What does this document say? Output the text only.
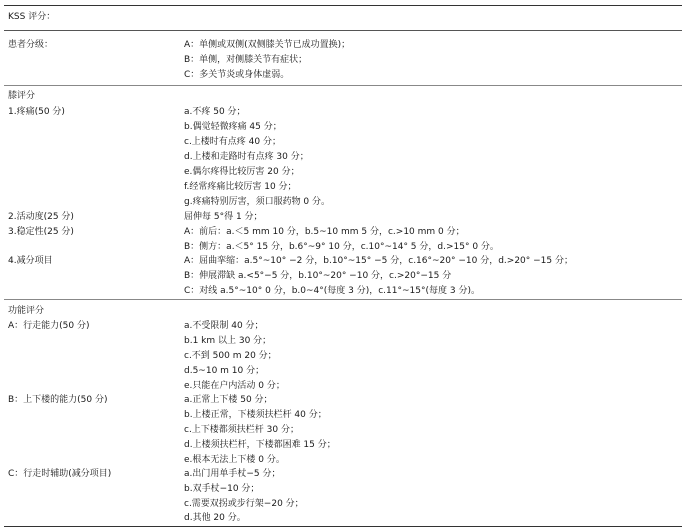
KSS 评分：
患者分级：	A：单侧或双侧(双侧膝关节已成功置换)；
B：单侧，对侧膝关节有症状；
C：多关节炎或身体虚弱。
膝评分
1.疼痛(50 分)	a.不疼 50 分；
b.偶觉轻微疼痛 45 分；
c.上楼时有点疼 40 分；
d.上楼和走路时有点疼 30 分；
e.偶尔疼得比较厉害 20 分；
f.经常疼痛比较厉害 10 分；
g.疼痛特别厉害，须口服药物 0 分。
2.活动度(25 分)	屈伸每 5°得 1 分；
3.稳定性(25 分)	A：前后：a.＜5 mm 10 分，b.5~10 mm 5 分，c.>10 mm 0 分；
B：侧方：a.＜5° 15 分，b.6°~9° 10 分，c.10°~14° 5 分，d.>15° 0 分。
4.减分项目	A：屈曲挛缩：a.5°~10° −2 分，b.10°~15° −5 分，c.16°~20° −10 分，d.>20° −15 分；
B：伸展滞缺 a.<5°−5 分，b.10°~20° −10 分，c.>20°−15 分
C：对线 a.5°~10° 0 分，b.0~4°(每度 3 分)，c.11°~15°(每度 3 分)。
功能评分
A：行走能力(50 分)	a.不受限制 40 分；
b.1 km 以上 30 分；
c.不到 500 m 20 分；
d.5~10 m 10 分；
e.只能在户内活动 0 分；
B：上下楼的能力(50 分)	a.正常上下楼 50 分；
b.上楼正常，下楼须扶栏杆 40 分；
c.上下楼都须扶栏杆 30 分；
d.上楼须扶栏杆，下楼都困难 15 分；
e.根本无法上下楼 0 分。
C：行走时辅助(减分项目)	a.出门用单手杖−5 分；
b.双手杖−10 分；
c.需要双拐或步行架−20 分；
d.其他 20 分。
